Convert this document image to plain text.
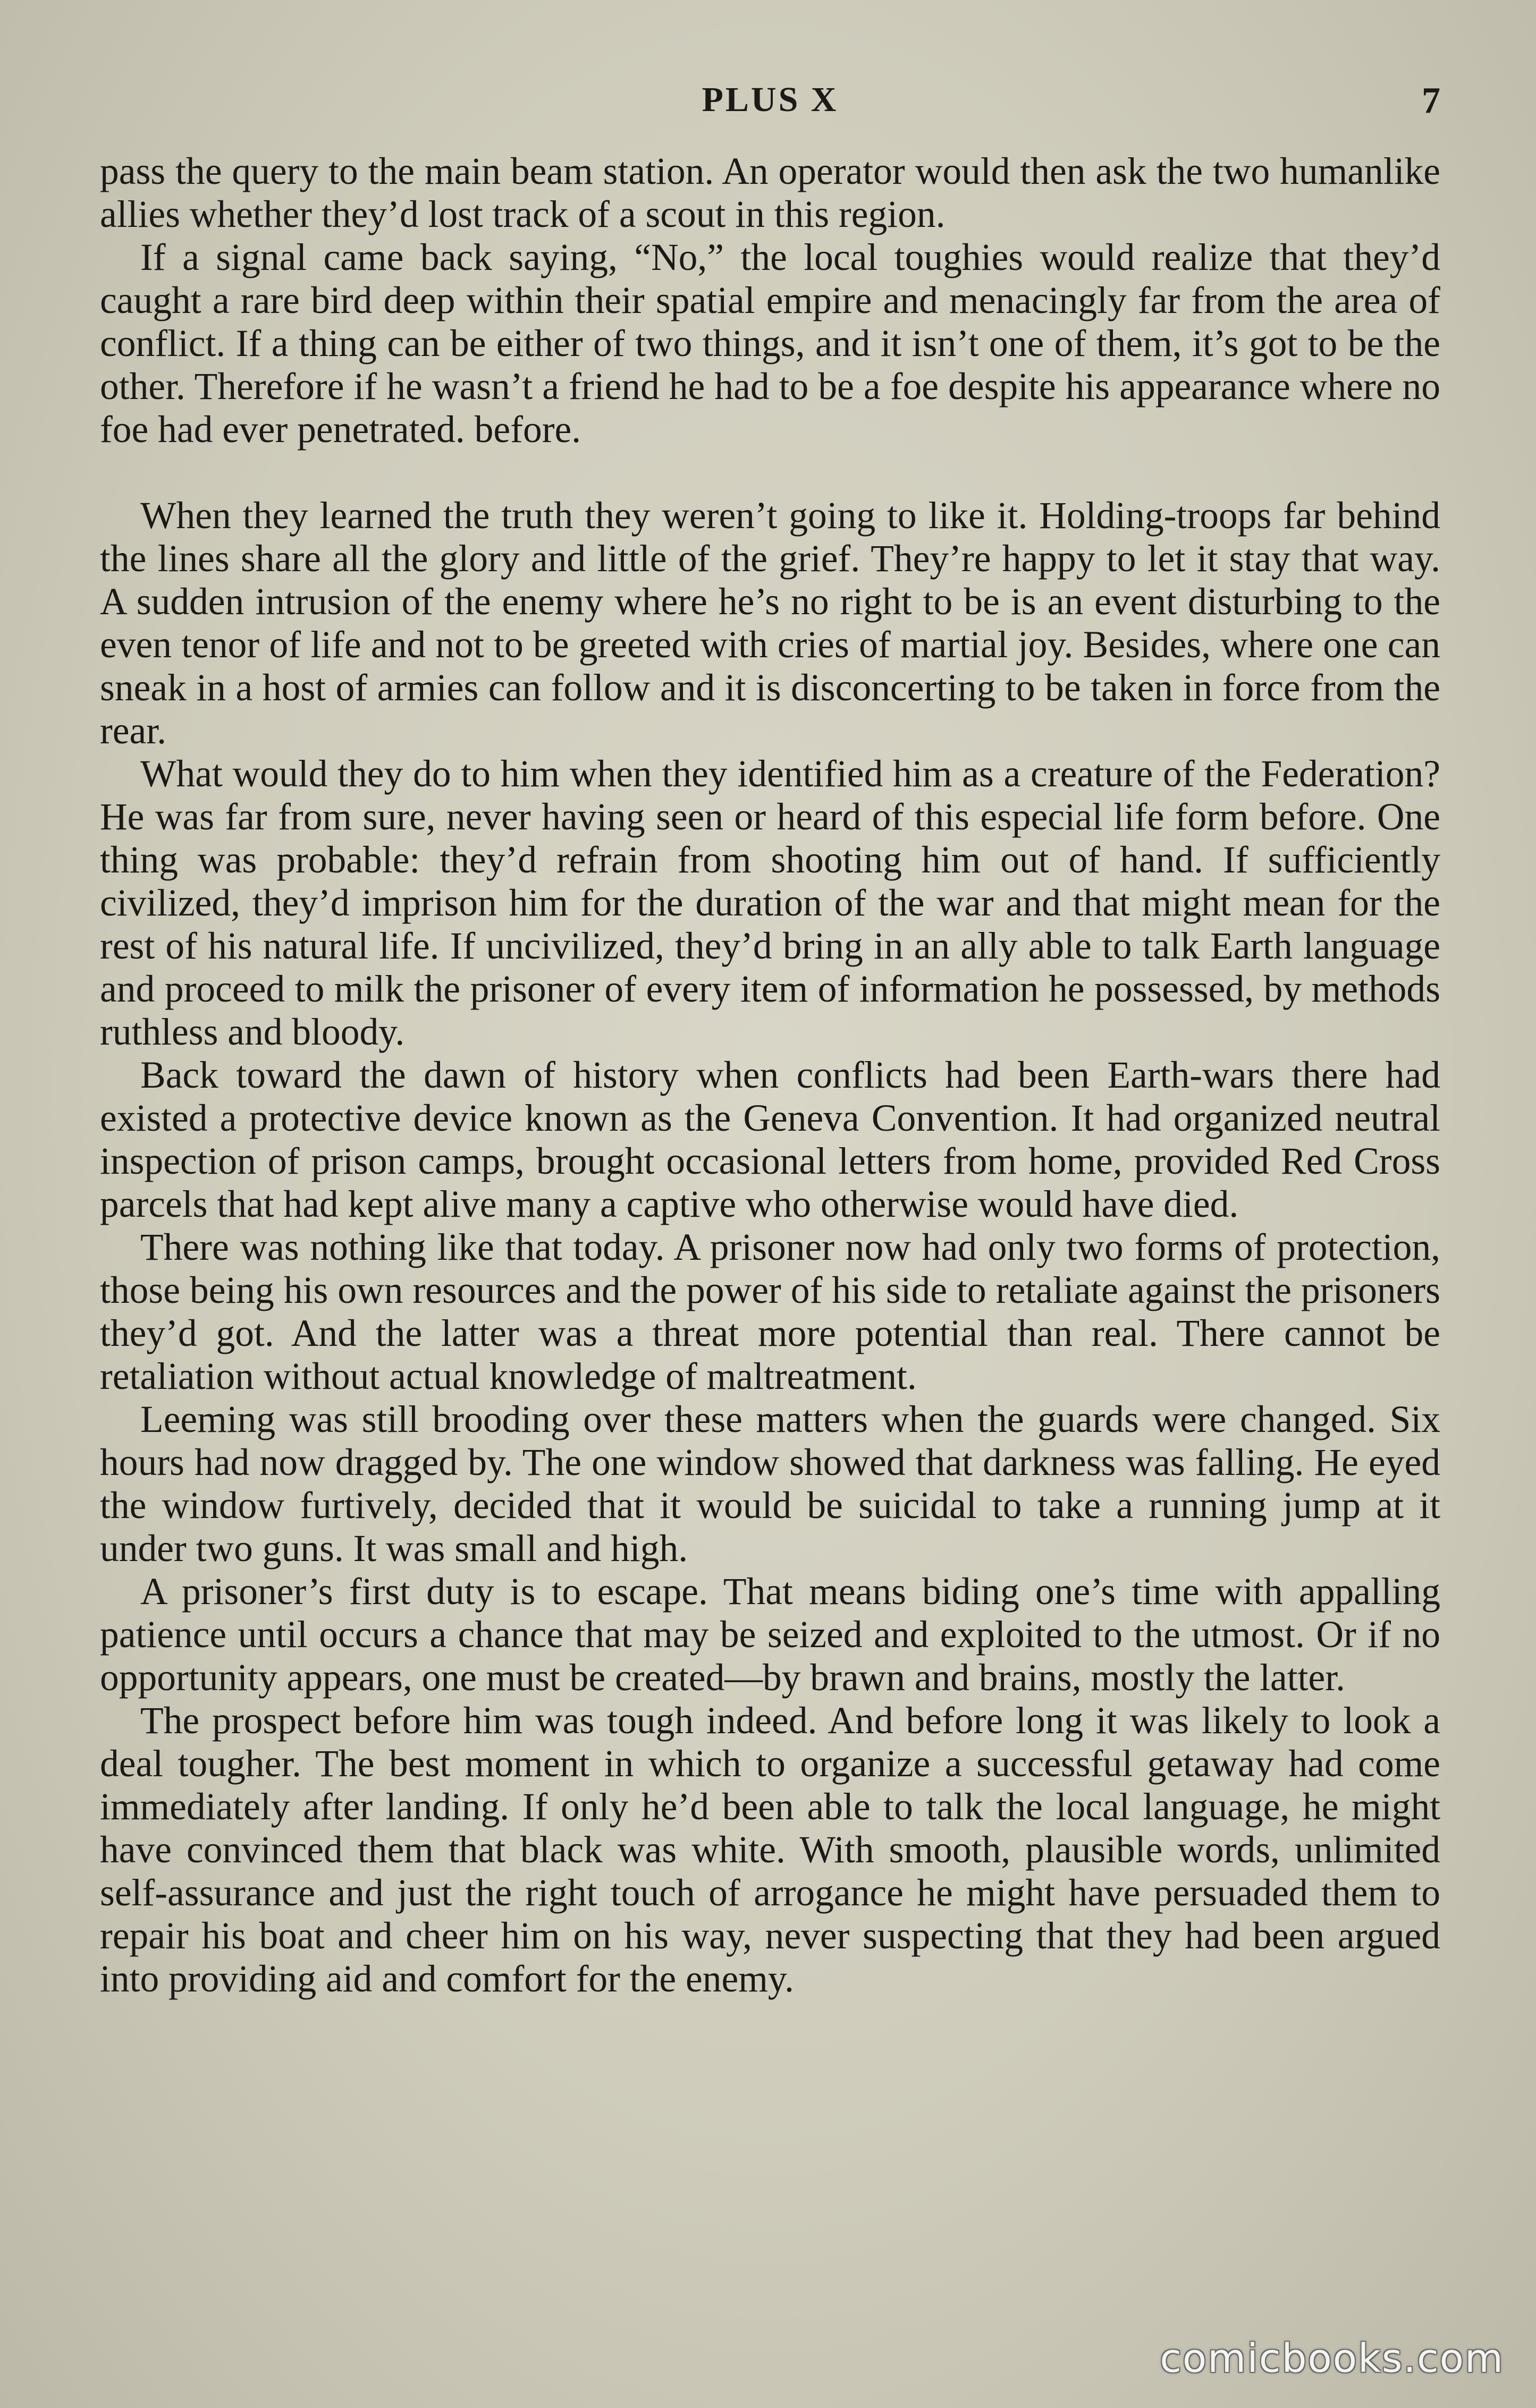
PLUS X	7

pass the query to the main beam station. An operator would then ask the two humanlike allies whether they’d lost track of a scout in this region.

If a signal came back saying, “No,” the local toughies would realize that they’d caught a rare bird deep within their spatial empire and menacingly far from the area of conflict. If a thing can be either of two things, and it isn’t one of them, it’s got to be the other. Therefore if he wasn’t a friend he had to be a foe despite his appearance where no foe had ever penetrated. before.

When they learned the truth they weren’t going to like it. Holding-troops far behind the lines share all the glory and little of the grief. They’re happy to let it stay that way. A sudden intrusion of the enemy where he’s no right to be is an event disturbing to the even tenor of life and not to be greeted with cries of martial joy. Besides, where one can sneak in a host of armies can follow and it is disconcerting to be taken in force from the rear.

What would they do to him when they identified him as a creature of the Federation? He was far from sure, never having seen or heard of this especial life form before. One thing was probable: they’d refrain from shooting him out of hand. If sufficiently civilized, they’d imprison him for the duration of the war and that might mean for the rest of his natural life. If uncivilized, they’d bring in an ally able to talk Earth language and proceed to milk the prisoner of every item of information he possessed, by methods ruthless and bloody.

Back toward the dawn of history when conflicts had been Earth-wars there had existed a protective device known as the Geneva Convention. It had organized neutral inspection of prison camps, brought occasional letters from home, provided Red Cross parcels that had kept alive many a captive who otherwise would have died.

There was nothing like that today. A prisoner now had only two forms of protection, those being his own resources and the power of his side to retaliate against the prisoners they’d got. And the latter was a threat more potential than real. There cannot be retaliation without actual knowledge of maltreatment.

Leeming was still brooding over these matters when the guards were changed. Six hours had now dragged by. The one window showed that darkness was falling. He eyed the window furtively, decided that it would be suicidal to take a running jump at it under two guns. It was small and high.

A prisoner’s first duty is to escape. That means biding one’s time with appalling patience until occurs a chance that may be seized and exploited to the utmost. Or if no opportunity appears, one must be created—by brawn and brains, mostly the latter.

The prospect before him was tough indeed. And before long it was likely to look a deal tougher. The best moment in which to organize a successful getaway had come immediately after landing. If only he’d been able to talk the local language, he might have convinced them that black was white. With smooth, plausible words, unlimited self-assurance and just the right touch of arrogance he might have persuaded them to repair his boat and cheer him on his way, never suspecting that they had been argued into providing aid and comfort for the enemy.

comicbooks.com
